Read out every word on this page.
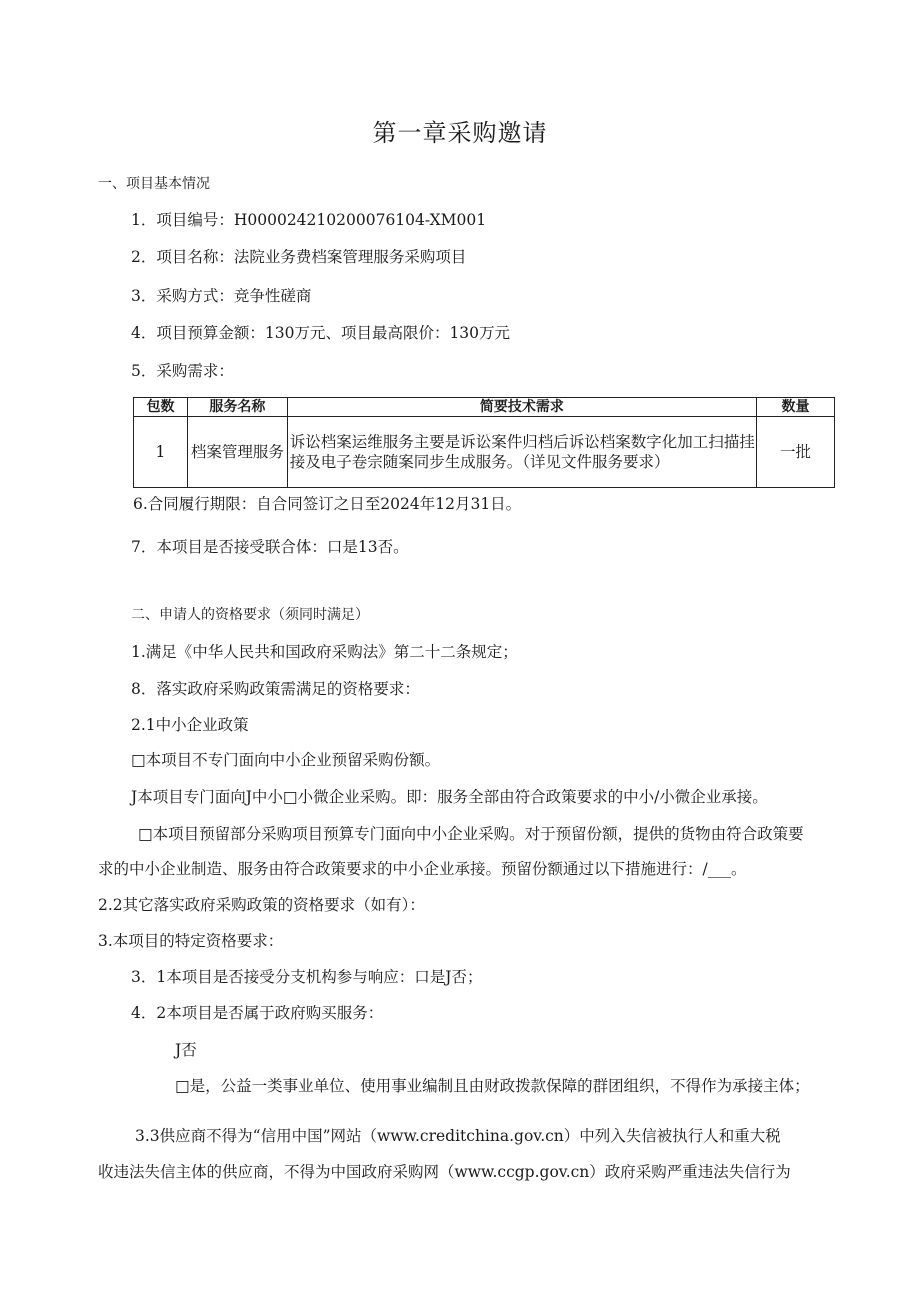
第一章采购邀请
一、项目基本情况
1．项目编号：H000024210200076104-XM001
2．项目名称：法院业务费档案管理服务采购项目
3．采购方式：竞争性磋商
4．项目预算金额：130万元、项目最高限价：130万元
5．采购需求：
包数	服务名称	简要技术需求	数量
1	档案管理服务	诉讼档案运维服务主要是诉讼案件归档后诉讼档案数字化加工扫描挂接及电子卷宗随案同步生成服务。（详见文件服务要求）	一批
6.合同履行期限：自合同签订之日至2024年12月31日。
7．本项目是否接受联合体：口是13否。
二、申请人的资格要求（须同时满足）
1.满足《中华人民共和国政府采购法》第二十二条规定；
8．落实政府采购政策需满足的资格要求：
2.1中小企业政策
□本项目不专门面向中小企业预留采购份额。
J本项目专门面向J中小□小微企业采购。即：服务全部由符合政策要求的中小/小微企业承接。
□本项目预留部分采购项目预算专门面向中小企业采购。对于预留份额，提供的货物由符合政策要
求的中小企业制造、服务由符合政策要求的中小企业承接。预留份额通过以下措施进行：/___。
2.2其它落实政府采购政策的资格要求（如有）：
3.本项目的特定资格要求：
3．1本项目是否接受分支机构参与响应：口是J否；
4．2本项目是否属于政府购买服务：
J否
□是，公益一类事业单位、使用事业编制且由财政拨款保障的群团组织，不得作为承接主体；
3.3供应商不得为“信用中国”网站（www.creditchina.gov.cn）中列入失信被执行人和重大税
收违法失信主体的供应商，不得为中国政府采购网（www.ccgp.gov.cn）政府采购严重违法失信行为
